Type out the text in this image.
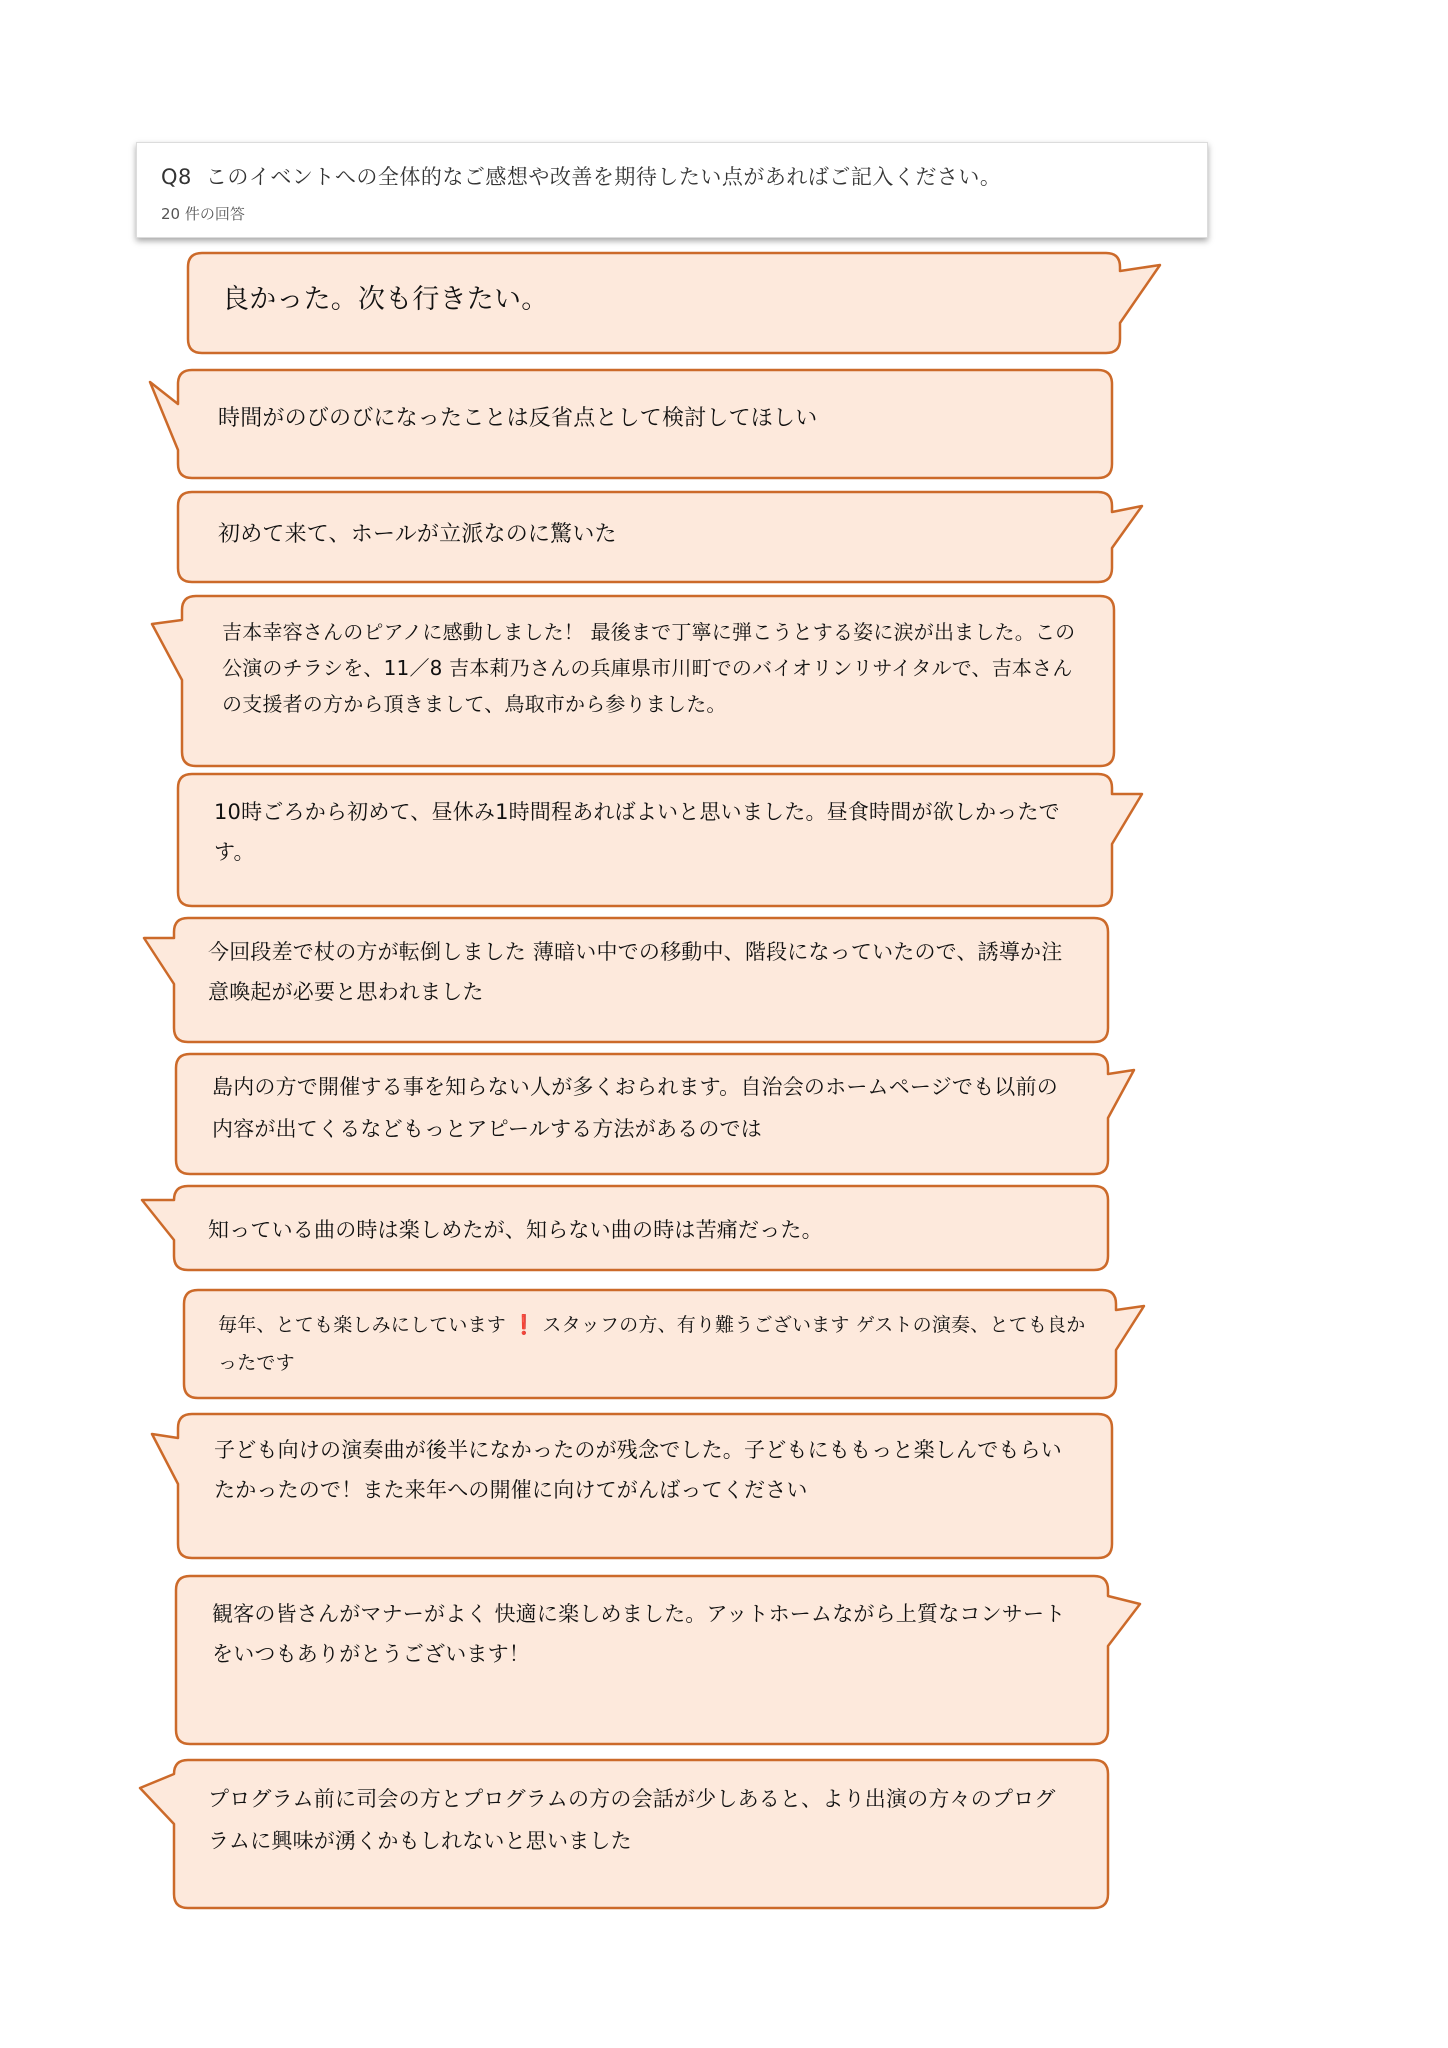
Q8 このイベントへの全体的なご感想や改善を期待したい点があればご記入ください。
20 件の回答

良かった。次も行きたい。

時間がのびのびになったことは反省点として検討してほしい

初めて来て、ホールが立派なのに驚いた

吉本幸容さんのピアノに感動しました！ 最後まで丁寧に弾こうとする姿に涙が出ました。この公演のチラシを、11／8 吉本莉乃さんの兵庫県市川町でのバイオリンリサイタルで、吉本さんの支援者の方から頂きまして、鳥取市から参りました。

10時ごろから初めて、昼休み1時間程あればよいと思いました。昼食時間が欲しかったです。

今回段差で杖の方が転倒しました 薄暗い中での移動中、階段になっていたので、誘導か注意喚起が必要と思われました

島内の方で開催する事を知らない人が多くおられます。自治会のホームページでも以前の内容が出てくるなどもっとアピールする方法があるのでは

知っている曲の時は楽しめたが、知らない曲の時は苦痛だった。

毎年、とても楽しみにしています ❗ スタッフの方、有り難うございます ゲストの演奏、とても良かったです

子ども向けの演奏曲が後半になかったのが残念でした。子どもにももっと楽しんでもらいたかったので！また来年への開催に向けてがんばってください

観客の皆さんがマナーがよく 快適に楽しめました。アットホームながら上質なコンサートをいつもありがとうございます！

プログラム前に司会の方とプログラムの方の会話が少しあると、より出演の方々のプログラムに興味が湧くかもしれないと思いました
